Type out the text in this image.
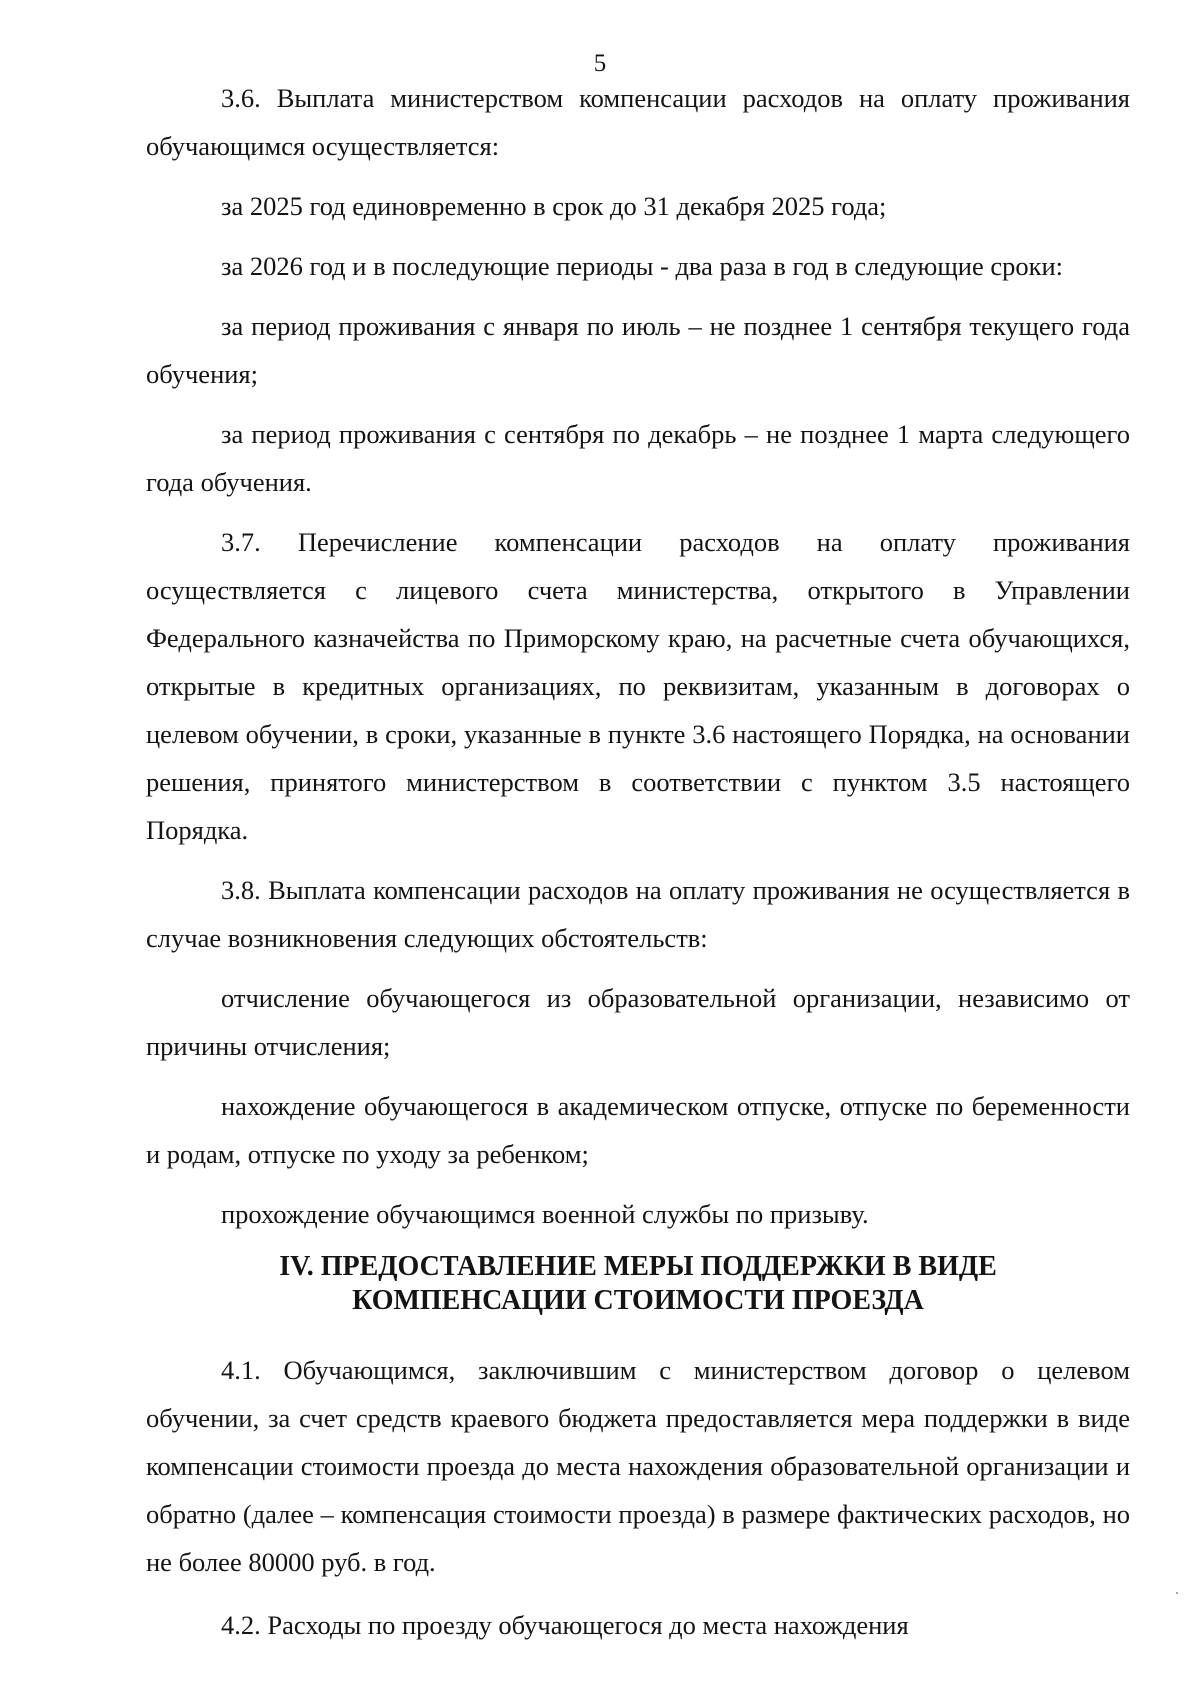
5

3.6. Выплата министерством компенсации расходов на оплату проживания обучающимся осуществляется:

за 2025 год единовременно в срок до 31 декабря 2025 года;

за 2026 год и в последующие периоды - два раза в год в следующие сроки:

за период проживания с января по июль – не позднее 1 сентября текущего года обучения;

за период проживания с сентября по декабрь – не позднее 1 марта следующего года обучения.

3.7. Перечисление компенсации расходов на оплату проживания осуществляется с лицевого счета министерства, открытого в Управлении Федерального казначейства по Приморскому краю, на расчетные счета обучающихся, открытые в кредитных организациях, по реквизитам, указанным в договорах о целевом обучении, в сроки, указанные в пункте 3.6 настоящего Порядка, на основании решения, принятого министерством в соответствии с пунктом 3.5 настоящего Порядка.

3.8. Выплата компенсации расходов на оплату проживания не осуществляется в случае возникновения следующих обстоятельств:

отчисление обучающегося из образовательной организации, независимо от причины отчисления;

нахождение обучающегося в академическом отпуске, отпуске по беременности и родам, отпуске по уходу за ребенком;

прохождение обучающимся военной службы по призыву.

IV. ПРЕДОСТАВЛЕНИЕ МЕРЫ ПОДДЕРЖКИ В ВИДЕ
КОМПЕНСАЦИИ СТОИМОСТИ ПРОЕЗДА

4.1. Обучающимся, заключившим с министерством договор о целевом обучении, за счет средств краевого бюджета предоставляется мера поддержки в виде компенсации стоимости проезда до места нахождения образовательной организации и обратно (далее – компенсация стоимости проезда) в размере фактических расходов, но не более 80000 руб. в год.

4.2. Расходы по проезду обучающегося до места нахождения
